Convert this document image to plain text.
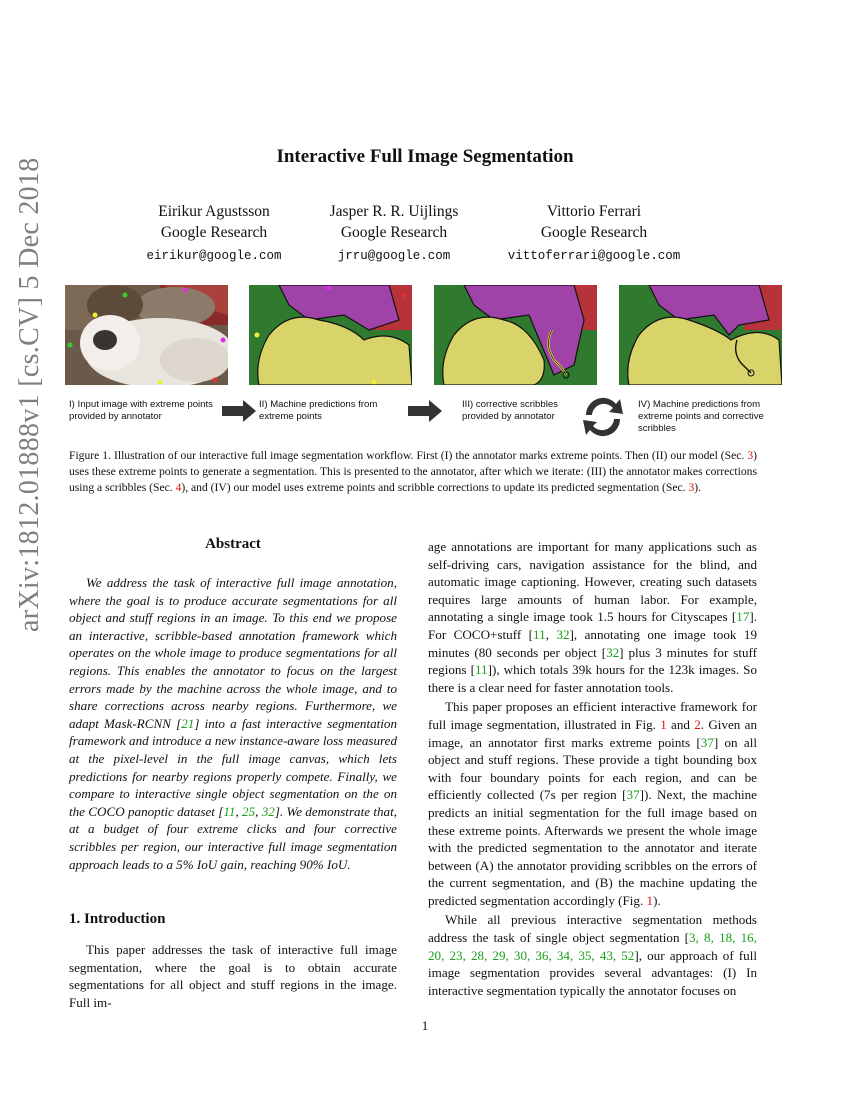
arXiv:1812.01888v1 [cs.CV] 5 Dec 2018
Interactive Full Image Segmentation
Eirikur Agustsson
Google Research
eirikur@google.com
Jasper R. R. Uijlings
Google Research
jrru@google.com
Vittorio Ferrari
Google Research
vittoferrari@google.com
I) Input image with extreme points provided by annotator
II) Machine predictions from extreme points
III) corrective scribbles provided by annotator
IV) Machine predictions from extreme points and corrective scribbles
Figure 1. Illustration of our interactive full image segmentation workflow. First (I) the annotator marks extreme points. Then (II) our model (Sec. 3) uses these extreme points to generate a segmentation. This is presented to the annotator, after which we iterate: (III) the annotator makes corrections using a scribbles (Sec. 4), and (IV) our model uses extreme points and scribble corrections to update its predicted segmentation (Sec. 3).
Abstract

We address the task of interactive full image annotation, where the goal is to produce accurate segmentations for all object and stuff regions in an image. To this end we propose an interactive, scribble-based annotation framework which operates on the whole image to produce segmentations for all regions. This enables the annotator to focus on the largest errors made by the machine across the whole image, and to share corrections across nearby regions. Furthermore, we adapt Mask-RCNN [21] into a fast interactive segmentation framework and introduce a new instance-aware loss measured at the pixel-level in the full image canvas, which lets predictions for nearby regions properly compete. Finally, we compare to interactive single object segmentation on the on the COCO panoptic dataset [11, 25, 32]. We demonstrate that, at a budget of four extreme clicks and four corrective scribbles per region, our interactive full image segmentation approach leads to a 5% IoU gain, reaching 90% IoU.

1. Introduction

This paper addresses the task of interactive full image segmentation, where the goal is to obtain accurate segmentations for all object and stuff regions in the image. Full im-

age annotations are important for many applications such as self-driving cars, navigation assistance for the blind, and automatic image captioning. However, creating such datasets requires large amounts of human labor. For example, annotating a single image took 1.5 hours for Cityscapes [17]. For COCO+stuff [11, 32], annotating one image took 19 minutes (80 seconds per object [32] plus 3 minutes for stuff regions [11]), which totals 39k hours for the 123k images. So there is a clear need for faster annotation tools.

This paper proposes an efficient interactive framework for full image segmentation, illustrated in Fig. 1 and 2. Given an image, an annotator first marks extreme points [37] on all object and stuff regions. These provide a tight bounding box with four boundary points for each region, and can be efficiently collected (7s per region [37]). Next, the machine predicts an initial segmentation for the full image based on these extreme points. Afterwards we present the whole image with the predicted segmentation to the annotator and iterate between (A) the annotator providing scribbles on the errors of the current segmentation, and (B) the machine updating the predicted segmentation accordingly (Fig. 1).

While all previous interactive segmentation methods address the task of single object segmentation [3, 8, 18, 16, 20, 23, 28, 29, 30, 36, 34, 35, 43, 52], our approach of full image segmentation provides several advantages: (I) In interactive segmentation typically the annotator focuses on

1
